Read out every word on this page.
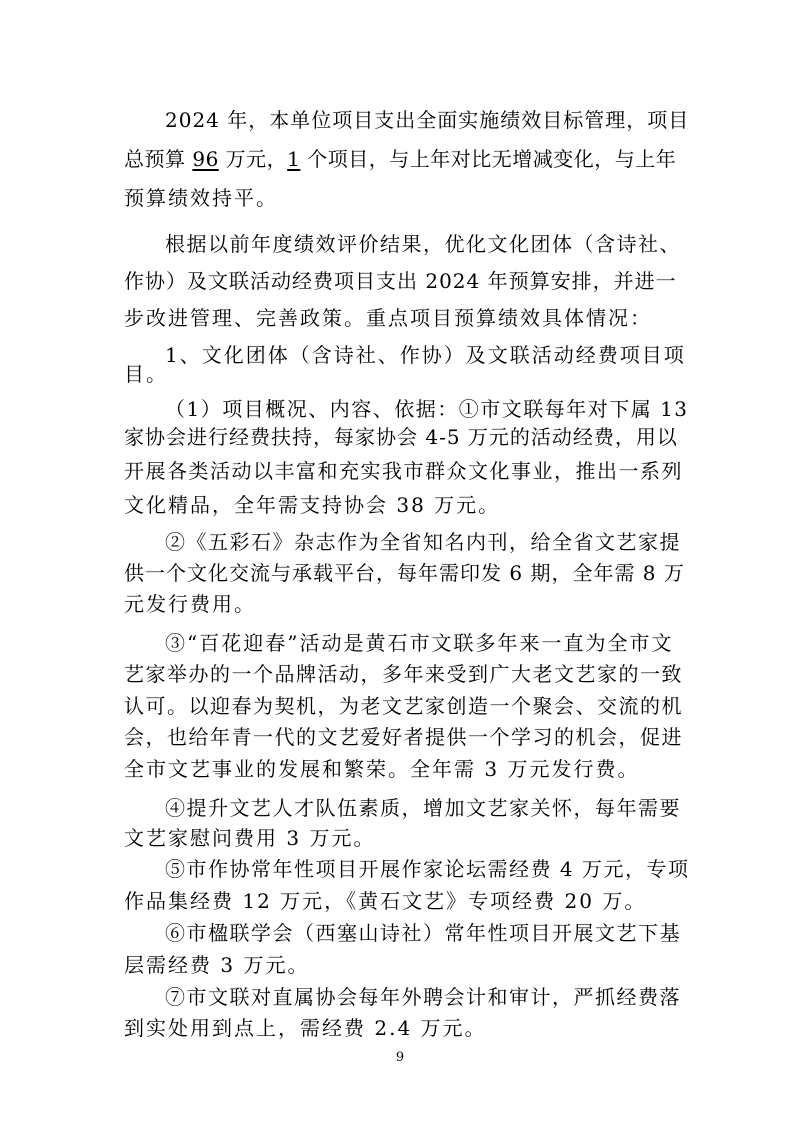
2024 年，本单位项目支出全面实施绩效目标管理，项目
总预算 96 万元，1 个项目，与上年对比无增减变化，与上年
预算绩效持平。
根据以前年度绩效评价结果，优化文化团体（含诗社、
作协）及文联活动经费项目支出 2024 年预算安排，并进一
步改进管理、完善政策。重点项目预算绩效具体情况：
1、文化团体（含诗社、作协）及文联活动经费项目项
目。
（1）项目概况、内容、依据：①市文联每年对下属 13
家协会进行经费扶持，每家协会 4-5 万元的活动经费，用以
开展各类活动以丰富和充实我市群众文化事业，推出一系列
文化精品，全年需支持协会 38 万元。
②《五彩石》杂志作为全省知名内刊，给全省文艺家提
供一个文化交流与承载平台，每年需印发 6 期，全年需 8 万
元发行费用。
③“百花迎春”活动是黄石市文联多年来一直为全市文
艺家举办的一个品牌活动，多年来受到广大老文艺家的一致
认可。以迎春为契机，为老文艺家创造一个聚会、交流的机
会，也给年青一代的文艺爱好者提供一个学习的机会，促进
全市文艺事业的发展和繁荣。全年需 3 万元发行费。
④提升文艺人才队伍素质，增加文艺家关怀，每年需要
文艺家慰问费用 3 万元。
⑤市作协常年性项目开展作家论坛需经费 4 万元，专项
作品集经费 12 万元，《黄石文艺》专项经费 20 万。
⑥市楹联学会（西塞山诗社）常年性项目开展文艺下基
层需经费 3 万元。
⑦市文联对直属协会每年外聘会计和审计，严抓经费落
到实处用到点上，需经费 2.4 万元。
9
